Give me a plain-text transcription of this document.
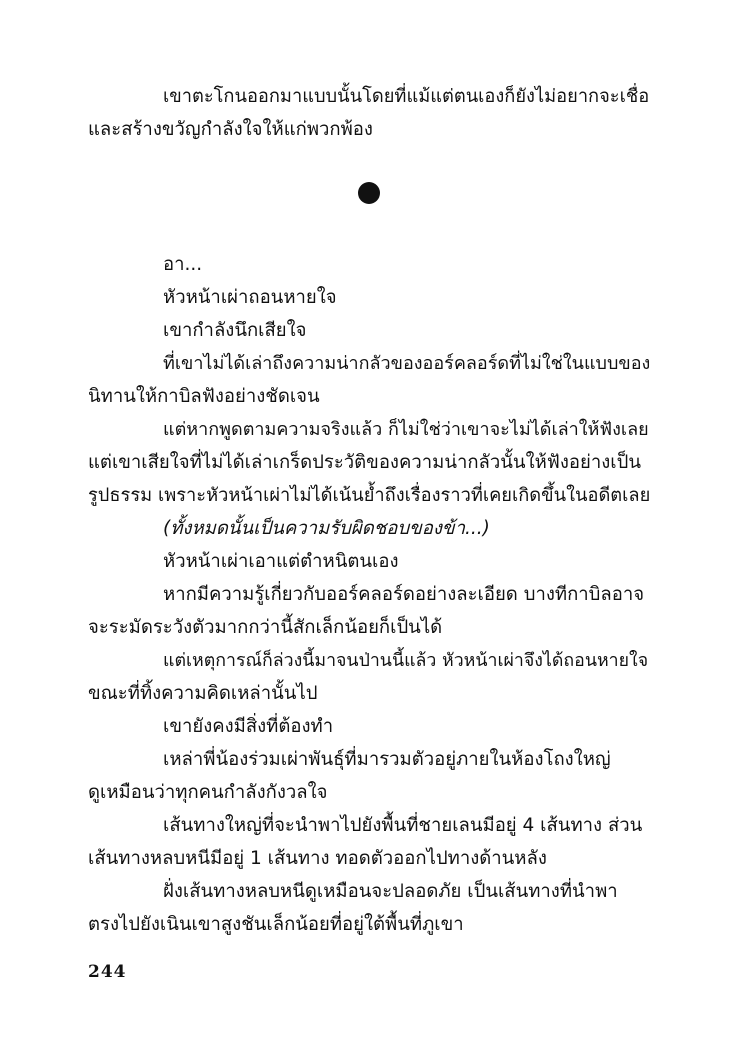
เขาตะโกนออกมาแบบนั้นโดยที่แม้แต่ตนเองก็ยังไม่อยากจะเชื่อ
และสร้างขวัญกำลังใจให้แก่พวกพ้อง
อา...
หัวหน้าเผ่าถอนหายใจ
เขากำลังนึกเสียใจ
ที่เขาไม่ได้เล่าถึงความน่ากลัวของออร์คลอร์ดที่ไม่ใช่ในแบบของ
นิทานให้กาบิลฟังอย่างชัดเจน
แต่หากพูดตามความจริงแล้ว ก็ไม่ใช่ว่าเขาจะไม่ได้เล่าให้ฟังเลย
แต่เขาเสียใจที่ไม่ได้เล่าเกร็ดประวัติของความน่ากลัวนั้นให้ฟังอย่างเป็น
รูปธรรม เพราะหัวหน้าเผ่าไม่ได้เน้นย้ำถึงเรื่องราวที่เคยเกิดขึ้นในอดีตเลย
(ทั้งหมดนั้นเป็นความรับผิดชอบของข้า...)
หัวหน้าเผ่าเอาแต่ตำหนิตนเอง
หากมีความรู้เกี่ยวกับออร์คลอร์ดอย่างละเอียด บางทีกาบิลอาจ
จะระมัดระวังตัวมากกว่านี้สักเล็กน้อยก็เป็นได้
แต่เหตุการณ์ก็ล่วงนี้มาจนป่านนี้แล้ว หัวหน้าเผ่าจึงได้ถอนหายใจ
ขณะที่ทิ้งความคิดเหล่านั้นไป
เขายังคงมีสิ่งที่ต้องทำ
เหล่าพี่น้องร่วมเผ่าพันธุ์ที่มารวมตัวอยู่ภายในห้องโถงใหญ่
ดูเหมือนว่าทุกคนกำลังกังวลใจ
เส้นทางใหญ่ที่จะนำพาไปยังพื้นที่ชายเลนมีอยู่ 4 เส้นทาง ส่วน
เส้นทางหลบหนีมีอยู่ 1 เส้นทาง ทอดตัวออกไปทางด้านหลัง
ฝั่งเส้นทางหลบหนีดูเหมือนจะปลอดภัย เป็นเส้นทางที่นำพา
ตรงไปยังเนินเขาสูงชันเล็กน้อยที่อยู่ใต้พื้นที่ภูเขา
244
